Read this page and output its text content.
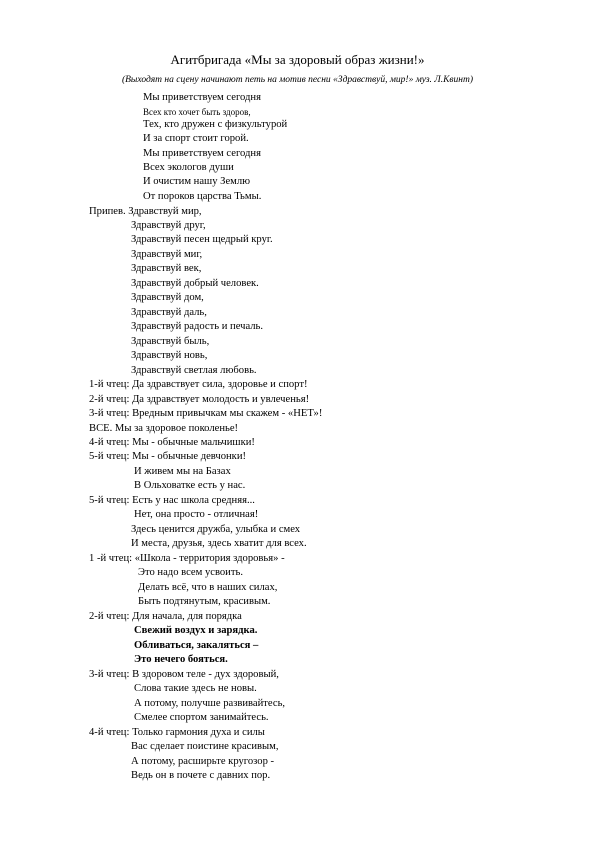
Агитбригада «Мы за здоровый образ жизни!»
(Выходят на сцену начинают петь на мотив песни «Здравствуй, мир!» муз. Л.Квинт)
Мы приветствуем сегодня
Всех кто хочет быть здоров,
Тех, кто дружен с физкультурой
И за спорт стоит горой.
Мы приветствуем сегодня
Всех экологов души
И очистим нашу Землю
От пороков царства Тьмы.
Припев. Здравствуй мир,
Здравствуй друг,
Здравствуй песен щедрый круг.
Здравствуй миг,
Здравствуй век,
Здравствуй добрый человек.
Здравствуй дом,
Здравствуй даль,
Здравствуй радость и печаль.
Здравствуй быль,
Здравствуй новь,
Здравствуй светлая любовь.
1-й чтец: Да здравствует сила, здоровье и спорт!
2-й чтец: Да здравствует молодость и увлеченья!
3-й чтец: Вредным привычкам мы скажем - «НЕТ»!
ВСЕ. Мы за здоровое поколенье!
4-й чтец: Мы - обычные мальчишки!
5-й чтец: Мы - обычные девчонки!
И живем мы на Базах
В Ольховатке есть у нас.
5-й чтец: Есть у нас школа средняя...
Нет, она просто - отличная!
Здесь ценится дружба, улыбка и смех
И места, друзья, здесь хватит для всех.
1 -й чтец: «Школа - территория здоровья» -
Это надо всем усвоить.
Делать всё, что в наших силах,
Быть подтянутым, красивым.
2-й чтец: Для начала, для порядка
Свежий воздух и зарядка.
Обливаться, закаляться –
Это нечего бояться.
3-й чтец: В здоровом теле - дух здоровый,
Слова такие здесь не новы.
А потому, получше развивайтесь,
Смелее спортом занимайтесь.
4-й чтец: Только гармония духа и силы
Вас сделает поистине красивым,
А потому, расширьте кругозор -
Ведь он в почете с давних пор.
